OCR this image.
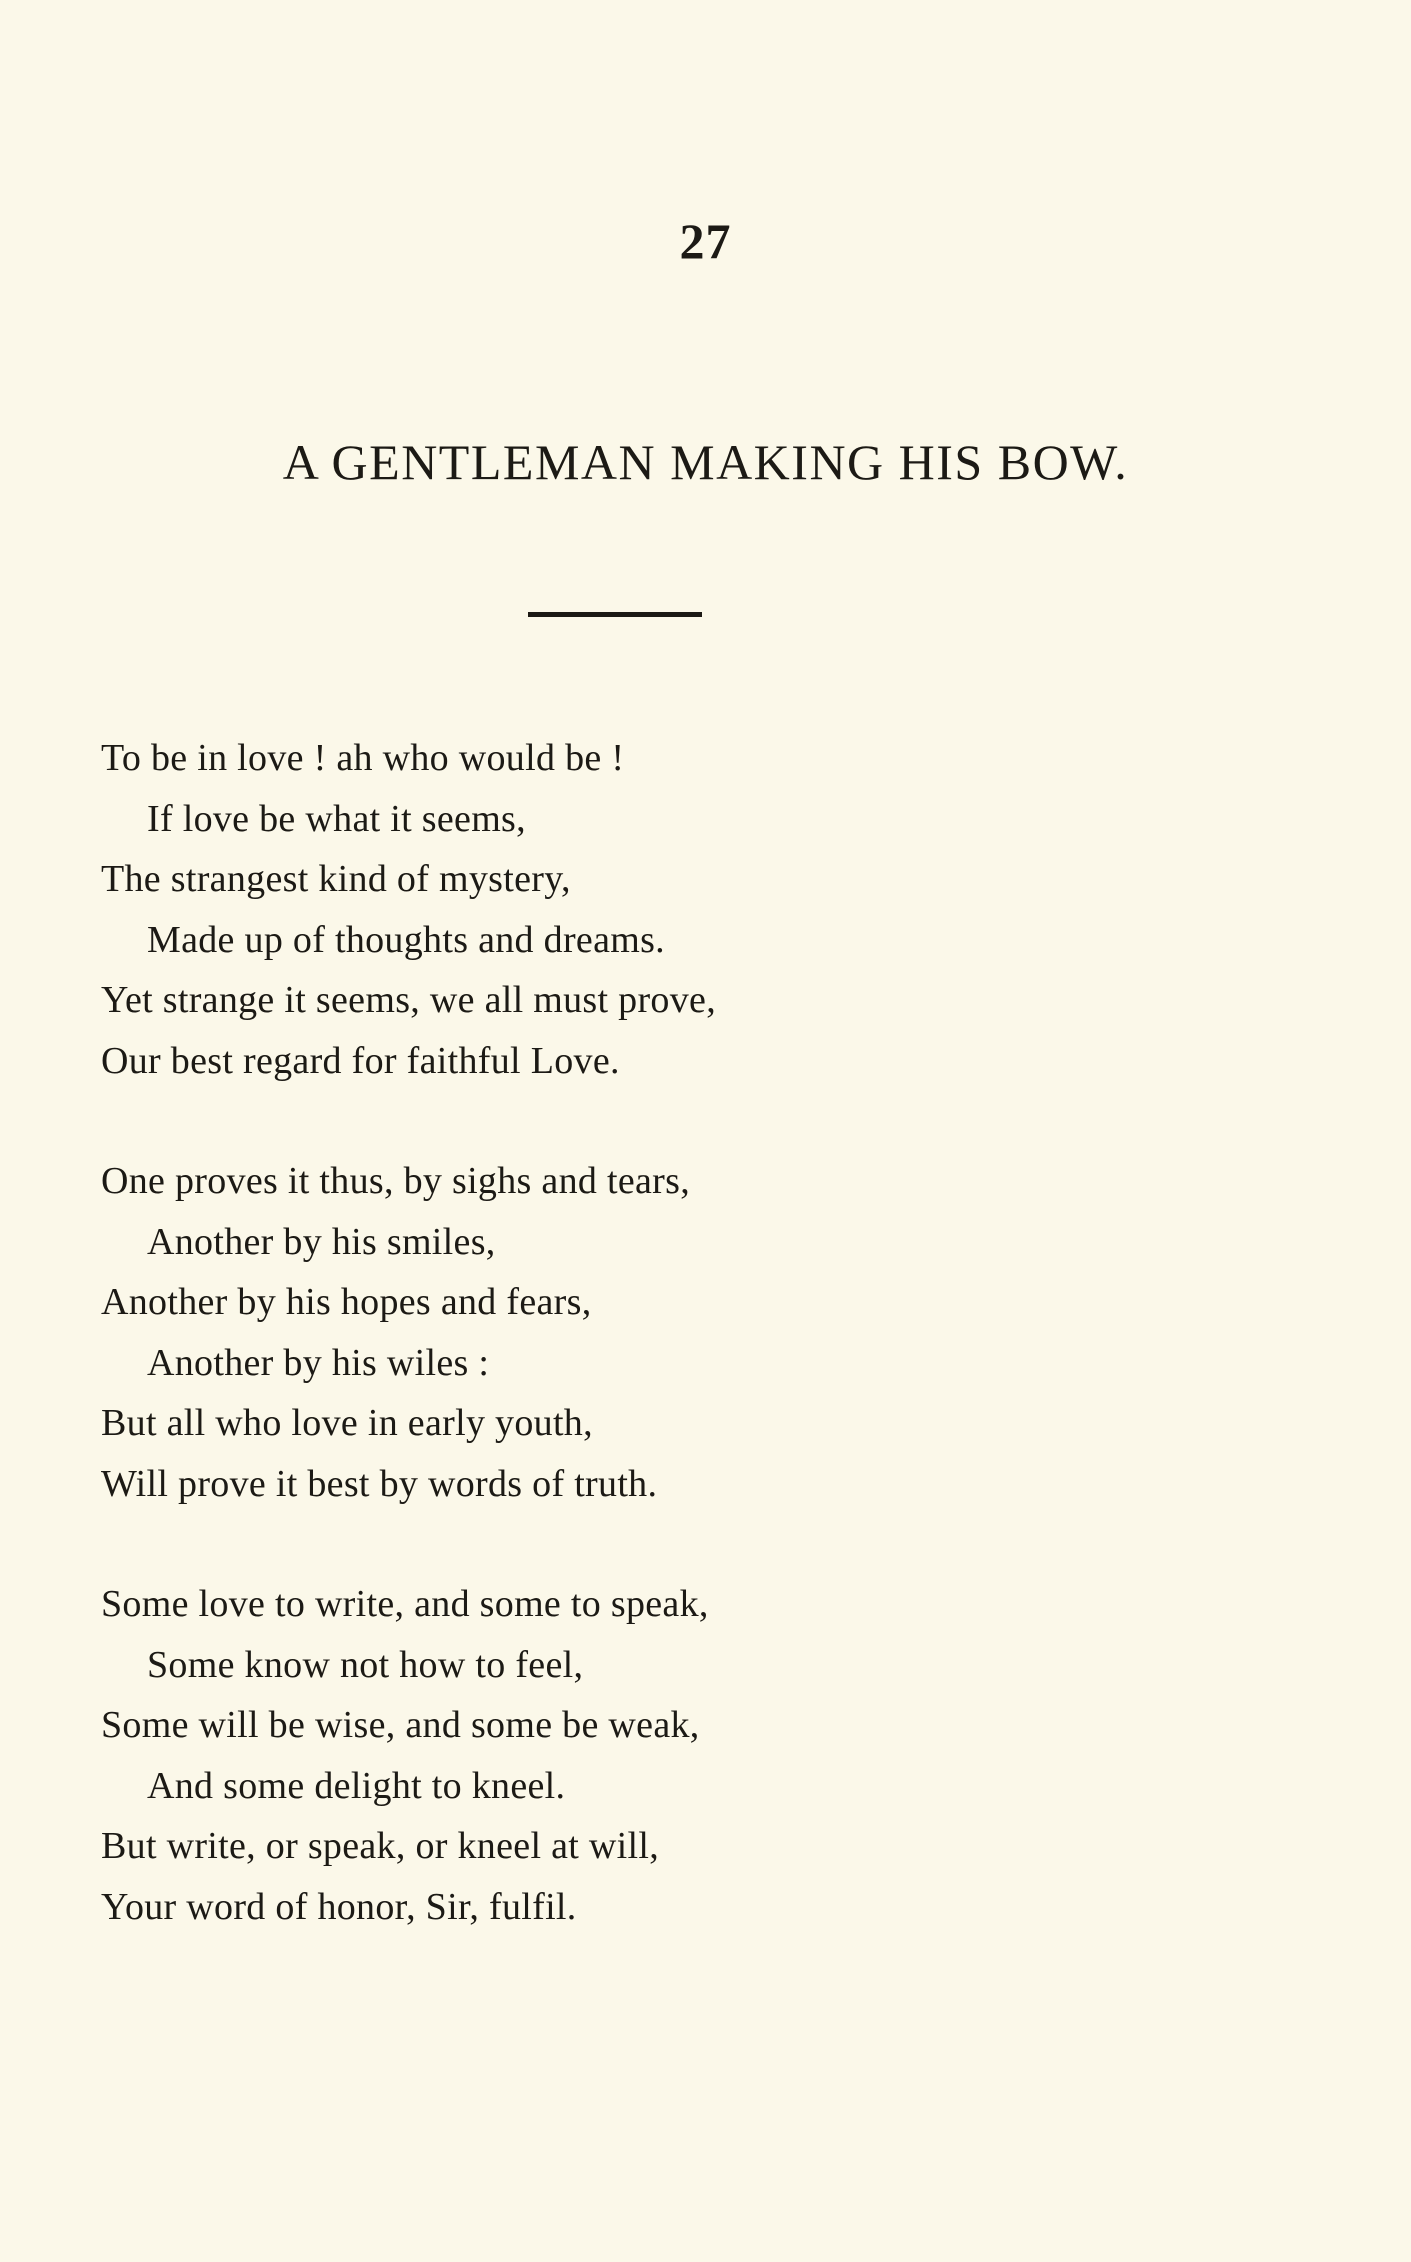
27
A GENTLEMAN MAKING HIS BOW.
To be in love ! ah who would be !
If love be what it seems,
The strangest kind of mystery,
Made up of thoughts and dreams.
Yet strange it seems, we all must prove,
Our best regard for faithful Love.
One proves it thus, by sighs and tears,
Another by his smiles,
Another by his hopes and fears,
Another by his wiles :
But all who love in early youth,
Will prove it best by words of truth.
Some love to write, and some to speak,
Some know not how to feel,
Some will be wise, and some be weak,
And some delight to kneel.
But write, or speak, or kneel at will,
Your word of honor, Sir, fulfil.
